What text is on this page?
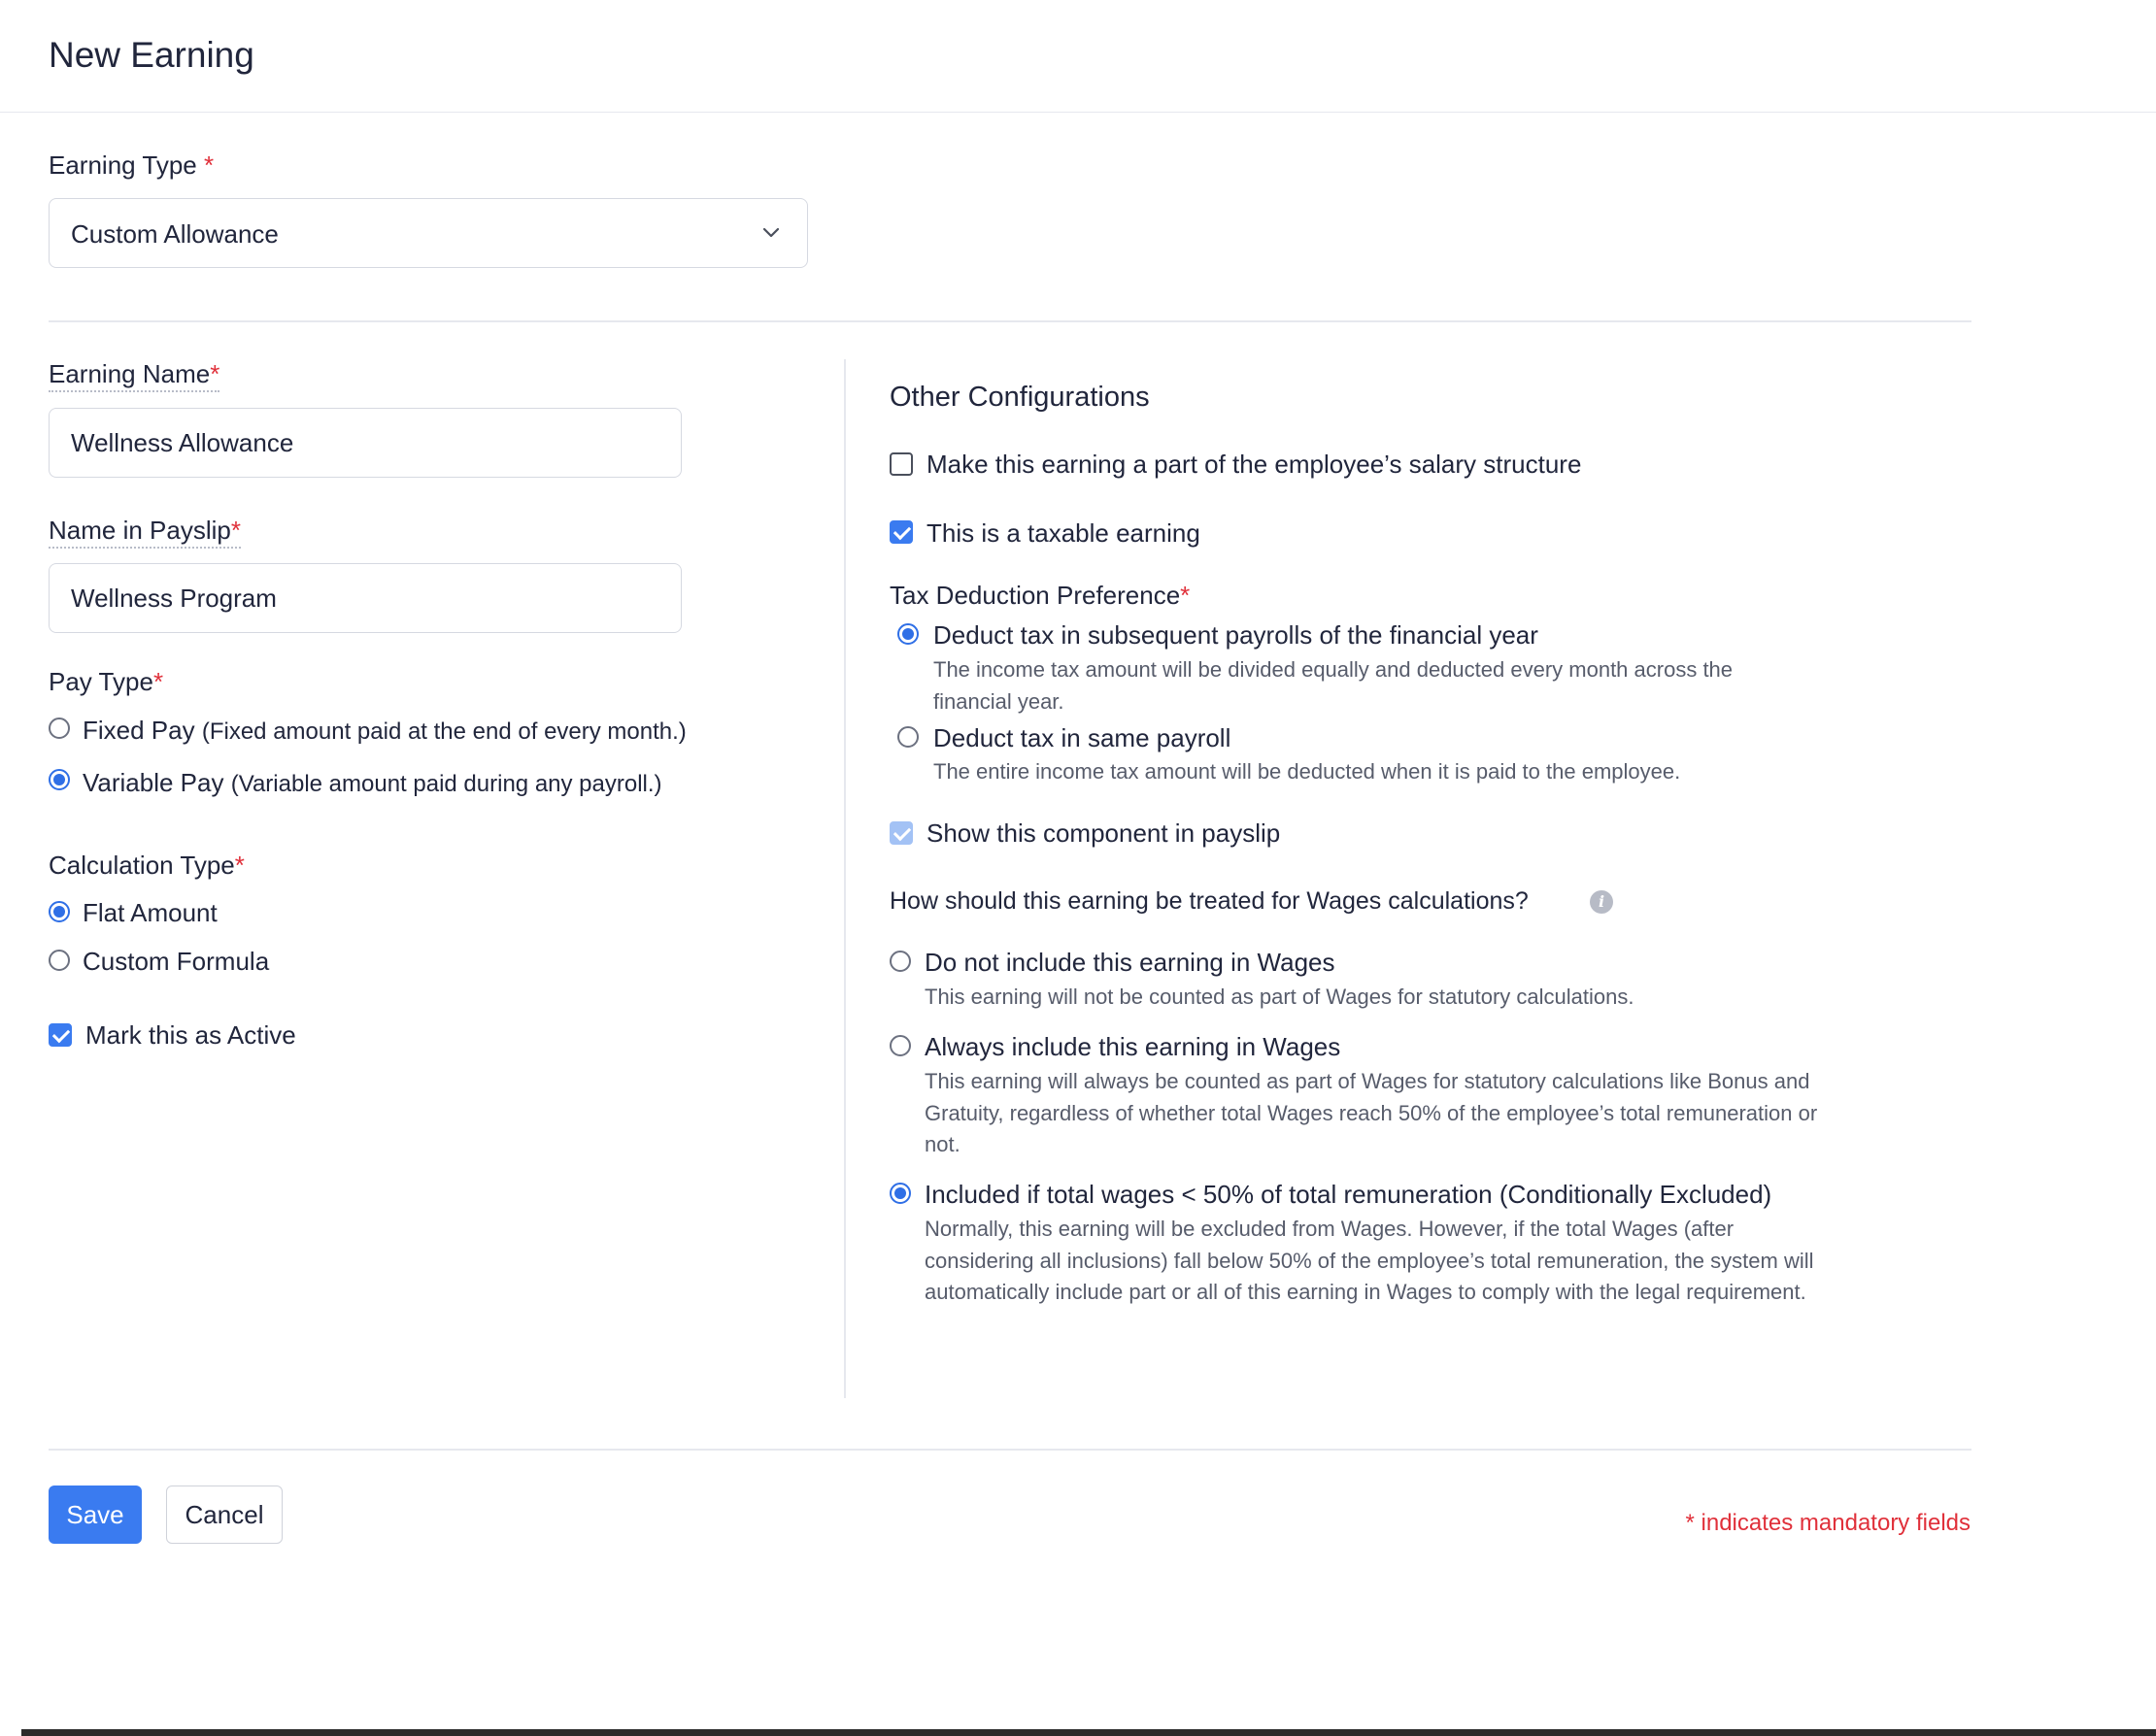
New Earning
Earning Type *
Custom Allowance
Earning Name*
Wellness Allowance
Name in Payslip*
Wellness Program
Pay Type*
Fixed Pay (Fixed amount paid at the end of every month.)
Variable Pay (Variable amount paid during any payroll.)
Calculation Type*
Flat Amount
Custom Formula
Mark this as Active
Other Configurations
Make this earning a part of the employee’s salary structure
This is a taxable earning
Tax Deduction Preference*
Deduct tax in subsequent payrolls of the financial year
The income tax amount will be divided equally and deducted every month across the financial year.
Deduct tax in same payroll
The entire income tax amount will be deducted when it is paid to the employee.
Show this component in payslip
How should this earning be treated for Wages calculations?	i
Do not include this earning in Wages
This earning will not be counted as part of Wages for statutory calculations.
Always include this earning in Wages
This earning will always be counted as part of Wages for statutory calculations like Bonus and Gratuity, regardless of whether total Wages reach 50% of the employee’s total remuneration or not.
Included if total wages < 50% of total remuneration (Conditionally Excluded)
Normally, this earning will be excluded from Wages. However, if the total Wages (after considering all inclusions) fall below 50% of the employee’s total remuneration, the system will automatically include part or all of this earning in Wages to comply with the legal requirement.
Save	Cancel	* indicates mandatory fields
